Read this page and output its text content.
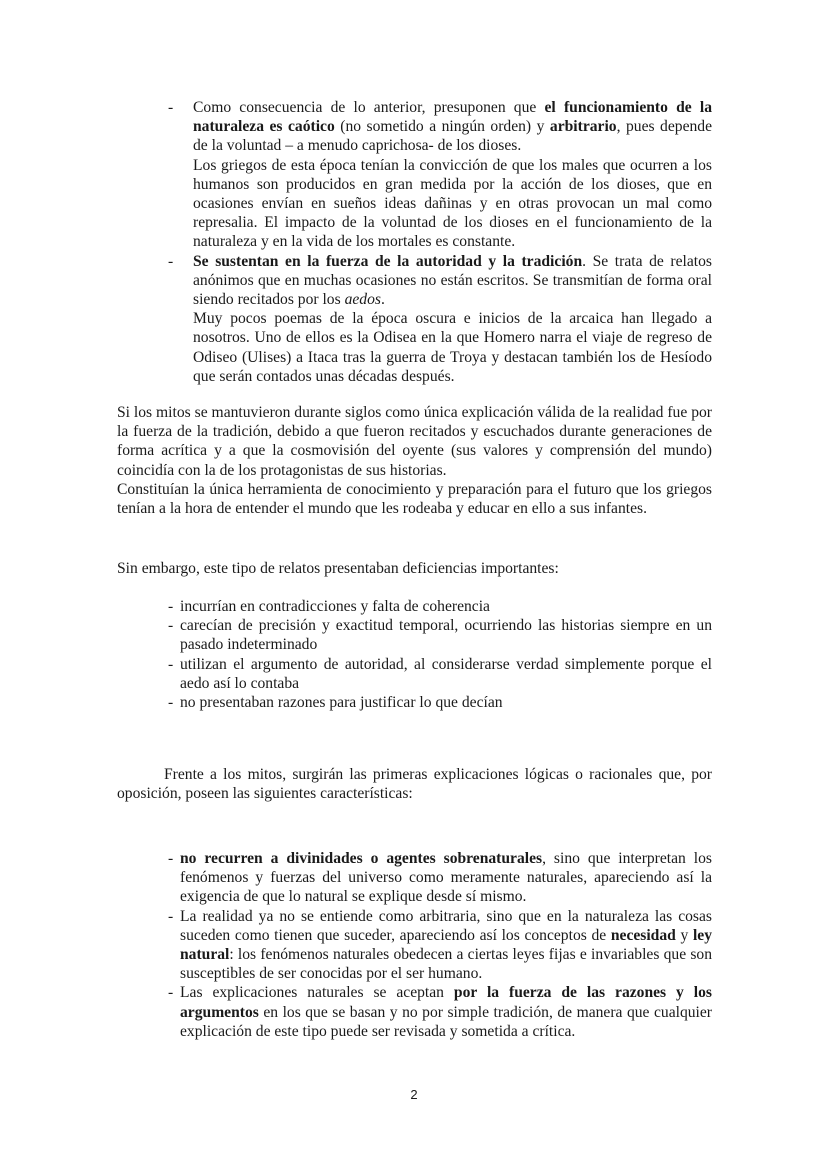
- Como consecuencia de lo anterior, presuponen que el funcionamiento de la naturaleza es caótico (no sometido a ningún orden) y arbitrario, pues depende de la voluntad – a menudo caprichosa- de los dioses.
Los griegos de esta época tenían la convicción de que los males que ocurren a los humanos son producidos en gran medida por la acción de los dioses, que en ocasiones envían en sueños ideas dañinas y en otras provocan un mal como represalia. El impacto de la voluntad de los dioses en el funcionamiento de la naturaleza y en la vida de los mortales es constante.
- Se sustentan en la fuerza de la autoridad y la tradición. Se trata de relatos anónimos que en muchas ocasiones no están escritos. Se transmitían de forma oral siendo recitados por los aedos.
Muy pocos poemas de la época oscura e inicios de la arcaica han llegado a nosotros. Uno de ellos es la Odisea en la que Homero narra el viaje de regreso de Odiseo (Ulises) a Itaca tras la guerra de Troya y destacan también los de Hesíodo que serán contados unas décadas después.

Si los mitos se mantuvieron durante siglos como única explicación válida de la realidad fue por la fuerza de la tradición, debido a que fueron recitados y escuchados durante generaciones de forma acrítica y a que la cosmovisión del oyente (sus valores y comprensión del mundo) coincidía con la de los protagonistas de sus historias.

Constituían la única herramienta de conocimiento y preparación para el futuro que los griegos tenían a la hora de entender el mundo que les rodeaba y educar en ello a sus infantes.

Sin embargo, este tipo de relatos presentaban deficiencias importantes:

- incurrían en contradicciones y falta de coherencia
- carecían de precisión y exactitud temporal, ocurriendo las historias siempre en un pasado indeterminado
- utilizan el argumento de autoridad, al considerarse verdad simplemente porque el aedo así lo contaba
- no presentaban razones para justificar lo que decían

Frente a los mitos, surgirán las primeras explicaciones lógicas o racionales que, por oposición, poseen las siguientes características:

- no recurren a divinidades o agentes sobrenaturales, sino que interpretan los fenómenos y fuerzas del universo como meramente naturales, apareciendo así la exigencia de que lo natural se explique desde sí mismo.
- La realidad ya no se entiende como arbitraria, sino que en la naturaleza las cosas suceden como tienen que suceder, apareciendo así los conceptos de necesidad y ley natural: los fenómenos naturales obedecen a ciertas leyes fijas e invariables que son susceptibles de ser conocidas por el ser humano.
- Las explicaciones naturales se aceptan por la fuerza de las razones y los argumentos en los que se basan y no por simple tradición, de manera que cualquier explicación de este tipo puede ser revisada y sometida a crítica.
2
